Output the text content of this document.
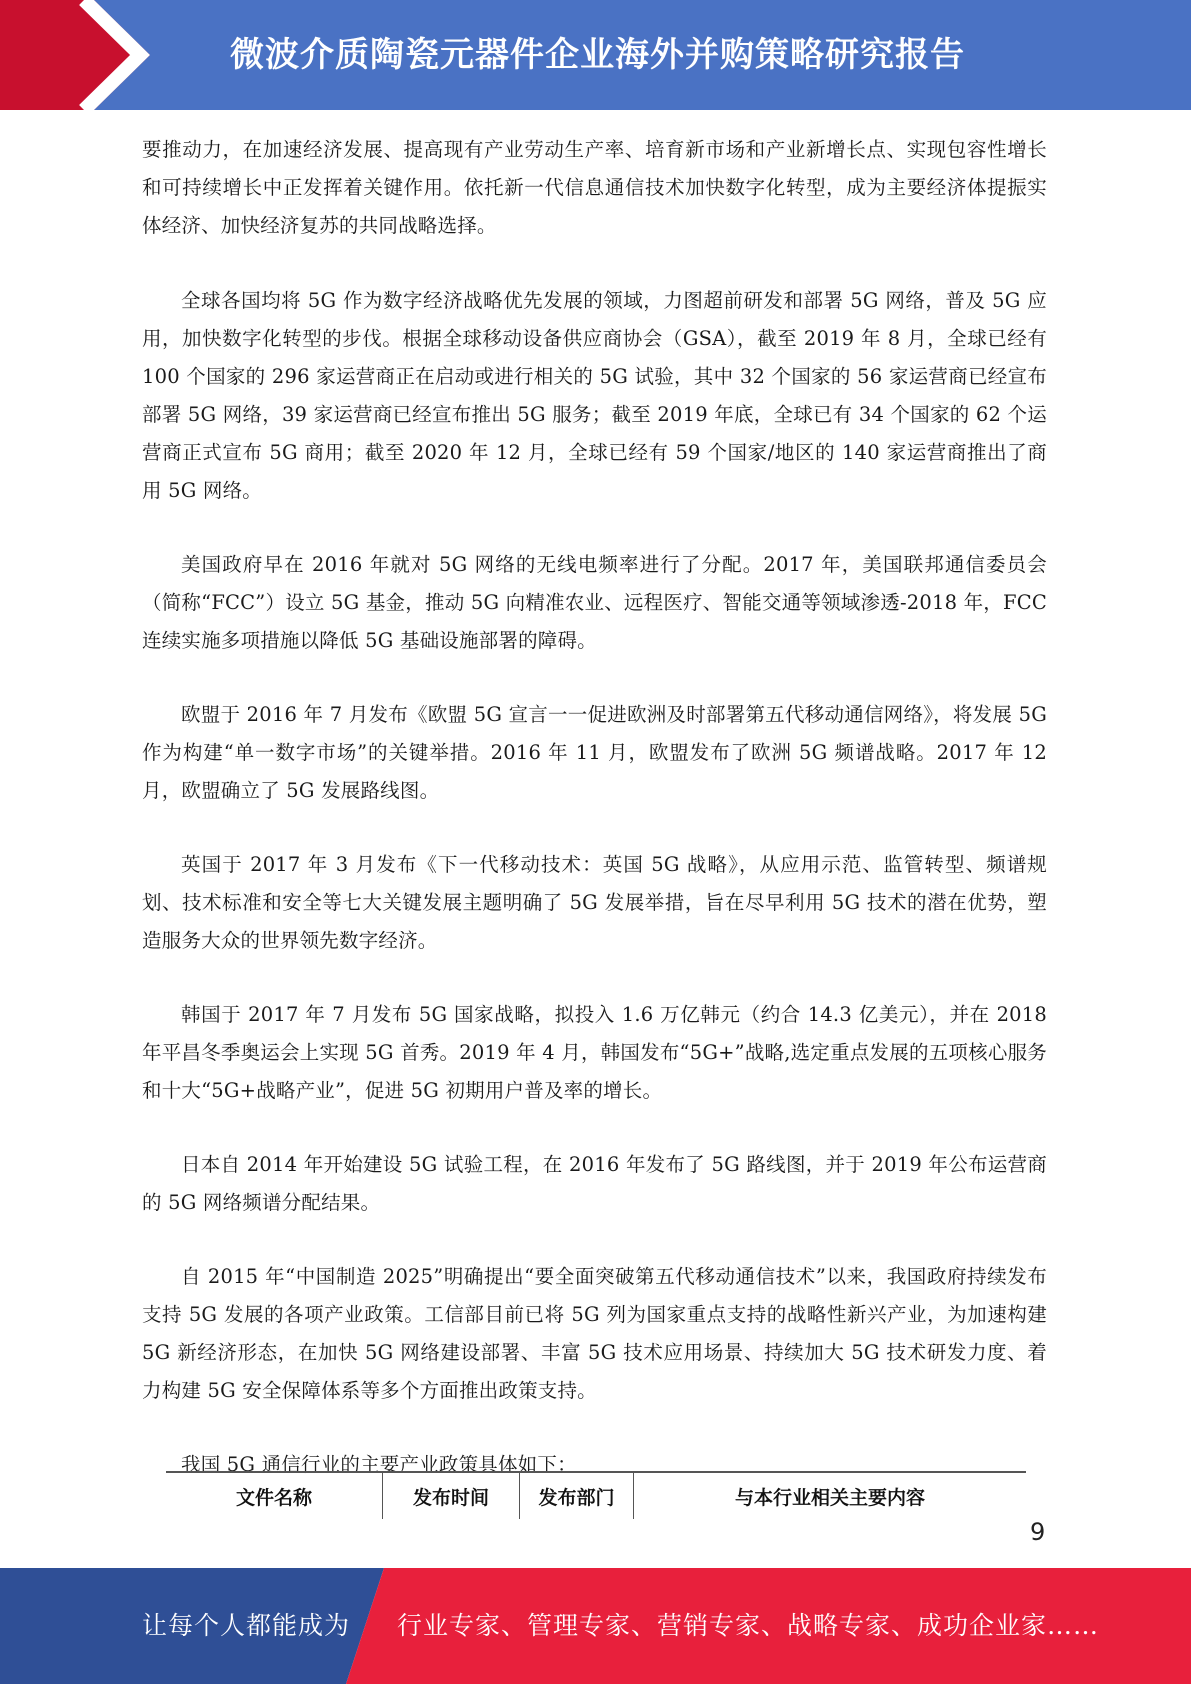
微波介质陶瓷元器件企业海外并购策略研究报告

要推动力，在加速经济发展、提高现有产业劳动生产率、培育新市场和产业新增长点、实现包容性增长和可持续增长中正发挥着关键作用。依托新一代信息通信技术加快数字化转型，成为主要经济体提振实体经济、加快经济复苏的共同战略选择。

全球各国均将 5G 作为数字经济战略优先发展的领域，力图超前研发和部署 5G 网络，普及 5G 应用，加快数字化转型的步伐。根据全球移动设备供应商协会（GSA），截至 2019 年 8 月，全球已经有 100 个国家的 296 家运营商正在启动或进行相关的 5G 试验，其中 32 个国家的 56 家运营商已经宣布部署 5G 网络，39 家运营商已经宣布推出 5G 服务；截至 2019 年底，全球已有 34 个国家的 62 个运营商正式宣布 5G 商用；截至 2020 年 12 月，全球已经有 59 个国家/地区的 140 家运营商推出了商用 5G 网络。

美国政府早在 2016 年就对 5G 网络的无线电频率进行了分配。2017 年，美国联邦通信委员会（简称“FCC”）设立 5G 基金，推动 5G 向精准农业、远程医疗、智能交通等领域渗透-2018 年，FCC 连续实施多项措施以降低 5G 基础设施部署的障碍。

欧盟于 2016 年 7 月发布《欧盟 5G 宣言一一促进欧洲及时部署第五代移动通信网络》，将发展 5G 作为构建“单一数字市场”的关键举措。2016 年 11 月，欧盟发布了欧洲 5G 频谱战略。2017 年 12 月，欧盟确立了 5G 发展路线图。

英国于 2017 年 3 月发布《下一代移动技术：英国 5G 战略》，从应用示范、监管转型、频谱规划、技术标准和安全等七大关键发展主题明确了 5G 发展举措，旨在尽早利用 5G 技术的潜在优势，塑造服务大众的世界领先数字经济。

韩国于 2017 年 7 月发布 5G 国家战略，拟投入 1.6 万亿韩元（约合 14.3 亿美元），并在 2018 年平昌冬季奥运会上实现 5G 首秀。2019 年 4 月，韩国发布“5G+”战略,选定重点发展的五项核心服务和十大“5G+战略产业”，促进 5G 初期用户普及率的增长。

日本自 2014 年开始建设 5G 试验工程，在 2016 年发布了 5G 路线图，并于 2019 年公布运营商的 5G 网络频谱分配结果。

自 2015 年“中国制造 2025”明确提出“要全面突破第五代移动通信技术”以来，我国政府持续发布支持 5G 发展的各项产业政策。工信部目前已将 5G 列为国家重点支持的战略性新兴产业，为加速构建 5G 新经济形态，在加快 5G 网络建设部署、丰富 5G 技术应用场景、持续加大 5G 技术研发力度、着力构建 5G 安全保障体系等多个方面推出政策支持。

我国 5G 通信行业的主要产业政策具体如下：

文件名称	发布时间	发布部门	与本行业相关主要内容
9
让每个人都能成为 行业专家、管理专家、营销专家、战略专家、成功企业家……
